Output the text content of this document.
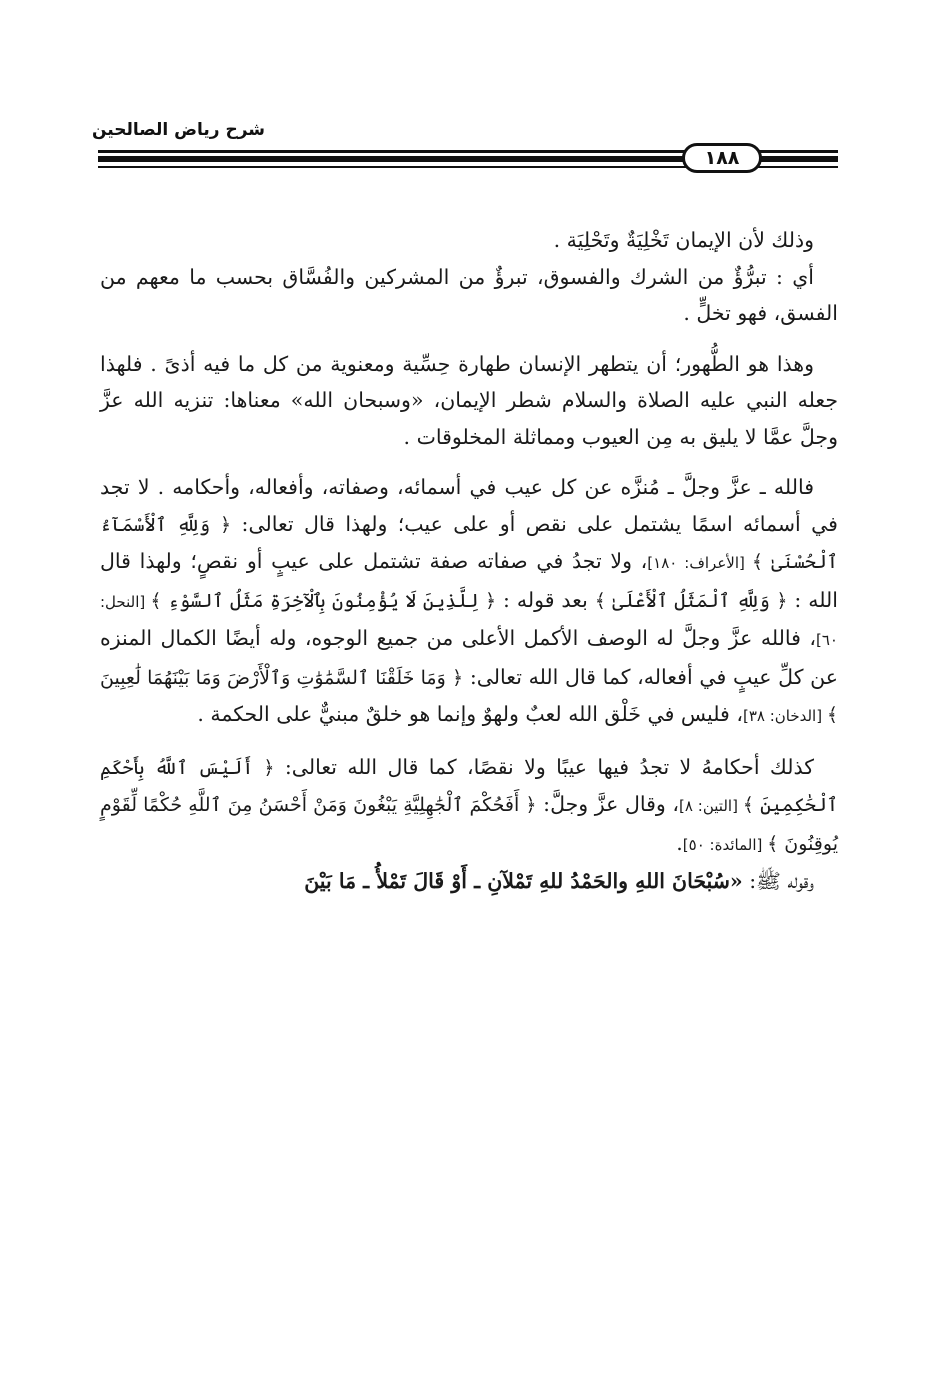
شرح رياض الصالحين
١٨٨

وذلك لأن الإيمان تَخْلِيَةٌ وتَحْلِيَة .

أي : تبرُّؤٌ من الشرك والفسوق، تبرؤٌ من المشركين والفُسَّاق بحسب ما معهم من الفسق، فهو تخلٍّ .

وهذا هو الطُّهور؛ أن يتطهر الإنسان طهارة حِسِّية ومعنوية من كل ما فيه أذىً . فلهذا جعله النبي عليه الصلاة والسلام شطر الإيمان، «وسبحان الله» معناها: تنزيه الله عزَّ وجلَّ عمَّا لا يليق به مِن العيوب ومماثلة المخلوقات .

فالله ـ عزَّ وجلَّ ـ مُنزَّه عن كل عيب في أسمائه، وصفاته، وأفعاله، وأحكامه . لا تجد في أسمائه اسمًا يشتمل على نقص أو على عيب؛ ولهذا قال تعالى: ﴿ وَلِلَّهِ ٱلْأَسْمَآءُ ٱلْحُسْنَىٰ ﴾ [الأعراف: ١٨٠]، ولا تجدُ في صفاته صفة تشتمل على عيبٍ أو نقصٍ؛ ولهذا قال الله : ﴿ وَلِلَّهِ ٱلْمَثَلُ ٱلْأَعْلَىٰ ﴾ بعد قوله : ﴿ لِلَّذِينَ لَا يُؤْمِنُونَ بِٱلْآخِرَةِ مَثَلُ ٱلسَّوْءِ ﴾ [النحل: ٦٠]، فالله عزَّ وجلَّ له الوصف الأكمل الأعلى من جميع الوجوه، وله أيضًا الكمال المنزه عن كلِّ عيبٍ في أفعاله، كما قال الله تعالى: ﴿ وَمَا خَلَقْنَا ٱلسَّمَٰوَٰتِ وَٱلْأَرْضَ وَمَا بَيْنَهُمَا لَٰعِبِينَ ﴾ [الدخان: ٣٨]، فليس في خَلْق الله لعبٌ ولهوٌ وإنما هو خلقٌ مبنيٌّ على الحكمة .

كذلك أحكامهُ لا تجدُ فيها عيبًا ولا نقصًا، كما قال الله تعالى: ﴿ أَلَيْسَ ٱللَّهُ بِأَحْكَمِ ٱلْحَٰكِمِينَ ﴾ [التين: ٨]، وقال عزَّ وجلَّ: ﴿ أَفَحُكْمَ ٱلْجَٰهِلِيَّةِ يَبْغُونَ وَمَنْ أَحْسَنُ مِنَ ٱللَّهِ حُكْمًا لِّقَوْمٍ يُوقِنُونَ ﴾ [المائدة: ٥٠].

وقوله ﷺ: «سُبْحَانَ اللهِ والحَمْدُ للهِ تَمْلآنِ ـ أَوْ قَالَ تَمْلأُ ـ مَا بَيْنَ
